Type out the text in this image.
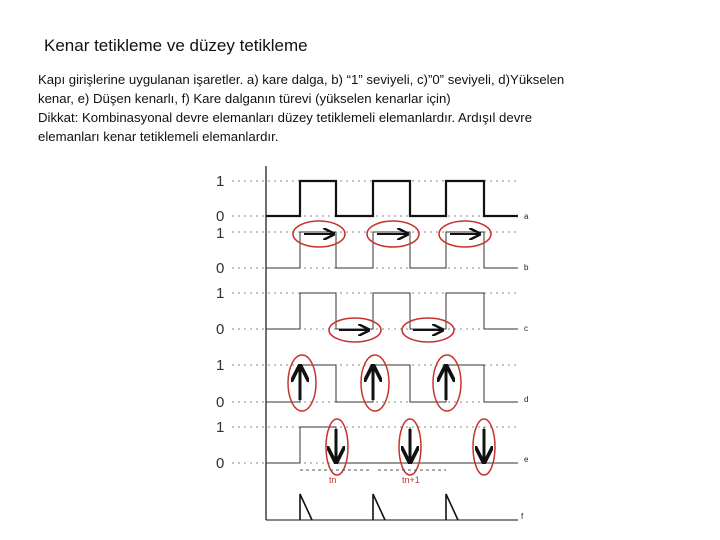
Kenar tetikleme ve düzey tetikleme
Kapı girişlerine uygulanan işaretler. a) kare dalga, b) “1” seviyeli, c)”0” seviyeli, d)Yükselen
kenar, e) Düşen kenarlı, f) Kare dalganın türevi (yükselen kenarlar için)
Dikkat: Kombinasyonal devre elemanları düzey tetiklemeli elemanlardır. Ardışıl devre
elemanları kenar tetiklemeli elemanlardır.
1
0
1
0
1
0
1
0
1
0
a
b
c
d
e
f
tn	tn+1
